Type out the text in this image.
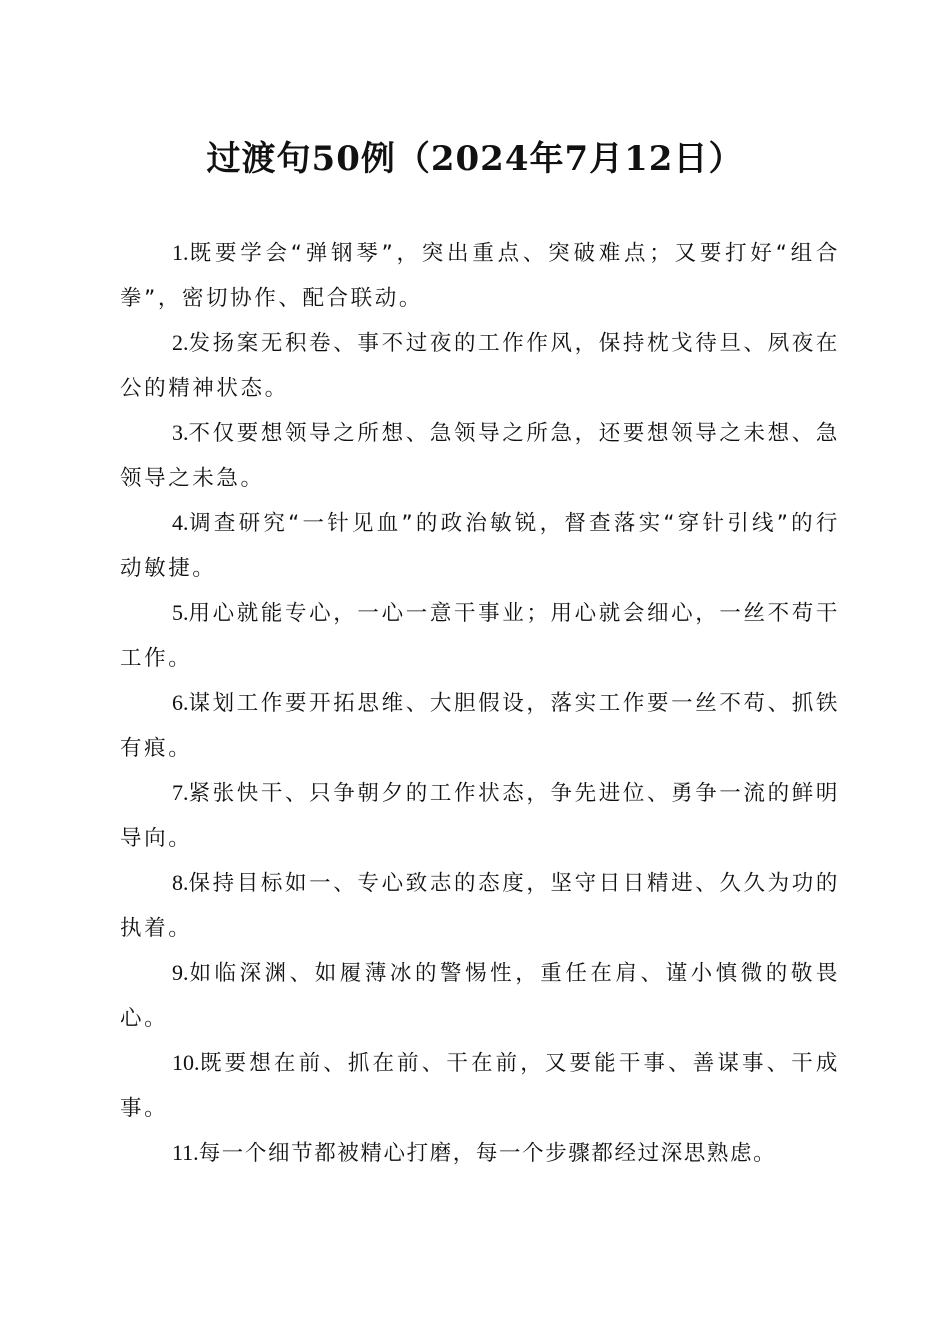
过渡句50例（2024年7月12日）

1.既要学会“弹钢琴”，突出重点、突破难点；又要打好“组合拳”，密切协作、配合联动。

2.发扬案无积卷、事不过夜的工作作风，保持枕戈待旦、夙夜在公的精神状态。

3.不仅要想领导之所想、急领导之所急，还要想领导之未想、急领导之未急。

4.调查研究“一针见血”的政治敏锐，督查落实“穿针引线”的行动敏捷。

5.用心就能专心，一心一意干事业；用心就会细心，一丝不苟干工作。

6.谋划工作要开拓思维、大胆假设，落实工作要一丝不苟、抓铁有痕。

7.紧张快干、只争朝夕的工作状态，争先进位、勇争一流的鲜明导向。

8.保持目标如一、专心致志的态度，坚守日日精进、久久为功的执着。

9.如临深渊、如履薄冰的警惕性，重任在肩、谨小慎微的敬畏心。

10.既要想在前、抓在前、干在前，又要能干事、善谋事、干成事。

11.每一个细节都被精心打磨，每一个步骤都经过深思熟虑。
